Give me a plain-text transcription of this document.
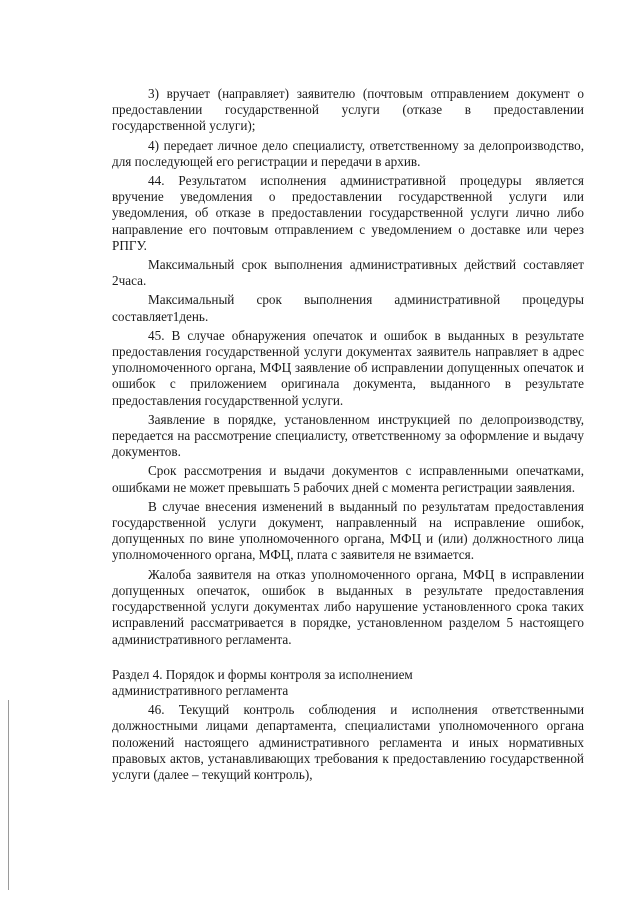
3) вручает (направляет) заявителю (почтовым отправлением документ о предоставлении государственной услуги (отказе в предоставлении государственной услуги);

4) передает личное дело специалисту, ответственному за делопроизводство, для последующей его регистрации и передачи в архив.

44. Результатом исполнения административной процедуры является вручение уведомления о предоставлении государственной услуги или уведомления, об отказе в предоставлении государственной услуги лично либо направление его почтовым отправлением с уведомлением о доставке или через РПГУ.

Максимальный срок выполнения административных действий составляет 2часа.

Максимальный срок выполнения административной процедуры составляет1день.

45. В случае обнаружения опечаток и ошибок в выданных в результате предоставления государственной услуги документах заявитель направляет в адрес уполномоченного органа, МФЦ заявление об исправлении допущенных опечаток и ошибок с приложением оригинала документа, выданного в результате предоставления государственной услуги.

Заявление в порядке, установленном инструкцией по делопроизводству, передается на рассмотрение специалисту, ответственному за оформление и выдачу документов.

Срок рассмотрения и выдачи документов с исправленными опечатками, ошибками не может превышать 5 рабочих дней с момента регистрации заявления.

В случае внесения изменений в выданный по результатам предоставления государственной услуги документ, направленный на исправление ошибок, допущенных по вине уполномоченного органа, МФЦ и (или) должностного лица уполномоченного органа, МФЦ, плата с заявителя не взимается.

Жалоба заявителя на отказ уполномоченного органа, МФЦ в исправлении допущенных опечаток, ошибок в выданных в результате предоставления государственной услуги документах либо нарушение установленного срока таких исправлений рассматривается в порядке, установленном разделом 5 настоящего административного регламента.

Раздел 4. Порядок и формы контроля за исполнением
административного регламента

46. Текущий контроль соблюдения и исполнения ответственными должностными лицами департамента, специалистами уполномоченного органа положений настоящего административного регламента и иных нормативных правовых актов, устанавливающих требования к предоставлению государственной услуги (далее – текущий контроль),
